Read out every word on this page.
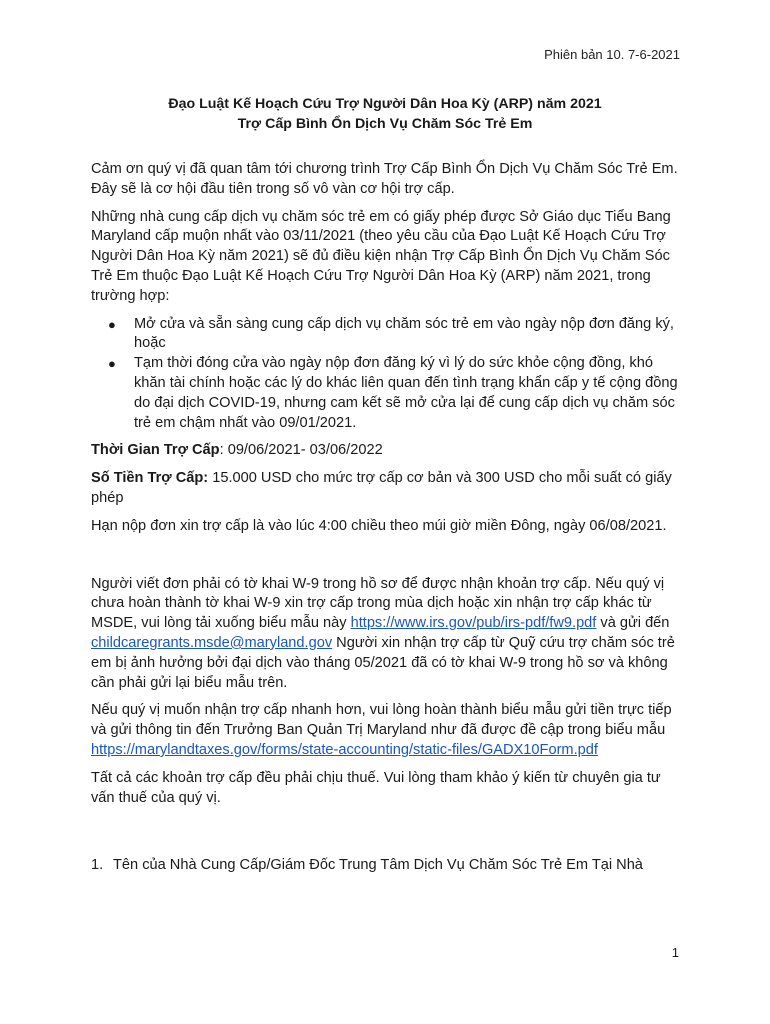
Phiên bản 10. 7-6-2021
Đạo Luật Kế Hoạch Cứu Trợ Người Dân Hoa Kỳ (ARP) năm 2021
Trợ Cấp Bình Ổn Dịch Vụ Chăm Sóc Trẻ Em

Cảm ơn quý vị đã quan tâm tới chương trình Trợ Cấp Bình Ổn Dịch Vụ Chăm Sóc Trẻ Em. Đây sẽ là cơ hội đầu tiên trong số vô vàn cơ hội trợ cấp.

Những nhà cung cấp dịch vụ chăm sóc trẻ em có giấy phép được Sở Giáo dục Tiểu Bang Maryland cấp muộn nhất vào 03/11/2021 (theo yêu cầu của Đạo Luật Kế Hoạch Cứu Trợ Người Dân Hoa Kỳ năm 2021) sẽ đủ điều kiện nhận Trợ Cấp Bình Ổn Dịch Vụ Chăm Sóc Trẻ Em thuộc Đạo Luật Kế Hoạch Cứu Trợ Người Dân Hoa Kỳ (ARP) năm 2021, trong trường hợp:

● Mở cửa và sẵn sàng cung cấp dịch vụ chăm sóc trẻ em vào ngày nộp đơn đăng ký, hoặc
● Tạm thời đóng cửa vào ngày nộp đơn đăng ký vì lý do sức khỏe cộng đồng, khó khăn tài chính hoặc các lý do khác liên quan đến tình trạng khẩn cấp y tế cộng đồng do đại dịch COVID-19, nhưng cam kết sẽ mở cửa lại để cung cấp dịch vụ chăm sóc trẻ em chậm nhất vào 09/01/2021.

Thời Gian Trợ Cấp: 09/06/2021- 03/06/2022

Số Tiền Trợ Cấp: 15.000 USD cho mức trợ cấp cơ bản và 300 USD cho mỗi suất có giấy phép

Hạn nộp đơn xin trợ cấp là vào lúc 4:00 chiều theo múi giờ miền Đông, ngày 06/08/2021.

Người viết đơn phải có tờ khai W-9 trong hồ sơ để được nhận khoản trợ cấp. Nếu quý vị chưa hoàn thành tờ khai W-9 xin trợ cấp trong mùa dịch hoặc xin nhận trợ cấp khác từ MSDE, vui lòng tải xuống biểu mẫu này https://www.irs.gov/pub/irs-pdf/fw9.pdf và gửi đến childcaregrants.msde@maryland.gov Người xin nhận trợ cấp từ Quỹ cứu trợ chăm sóc trẻ em bị ảnh hưởng bởi đại dịch vào tháng 05/2021 đã có tờ khai W-9 trong hồ sơ và không cần phải gửi lại biểu mẫu trên.

Nếu quý vị muốn nhận trợ cấp nhanh hơn, vui lòng hoàn thành biểu mẫu gửi tiền trực tiếp và gửi thông tin đến Trưởng Ban Quản Trị Maryland như đã được đề cập trong biểu mẫu https://marylandtaxes.gov/forms/state-accounting/static-files/GADX10Form.pdf

Tất cả các khoản trợ cấp đều phải chịu thuế. Vui lòng tham khảo ý kiến từ chuyên gia tư vấn thuế của quý vị.

1. Tên của Nhà Cung Cấp/Giám Đốc Trung Tâm Dịch Vụ Chăm Sóc Trẻ Em Tại Nhà

1
